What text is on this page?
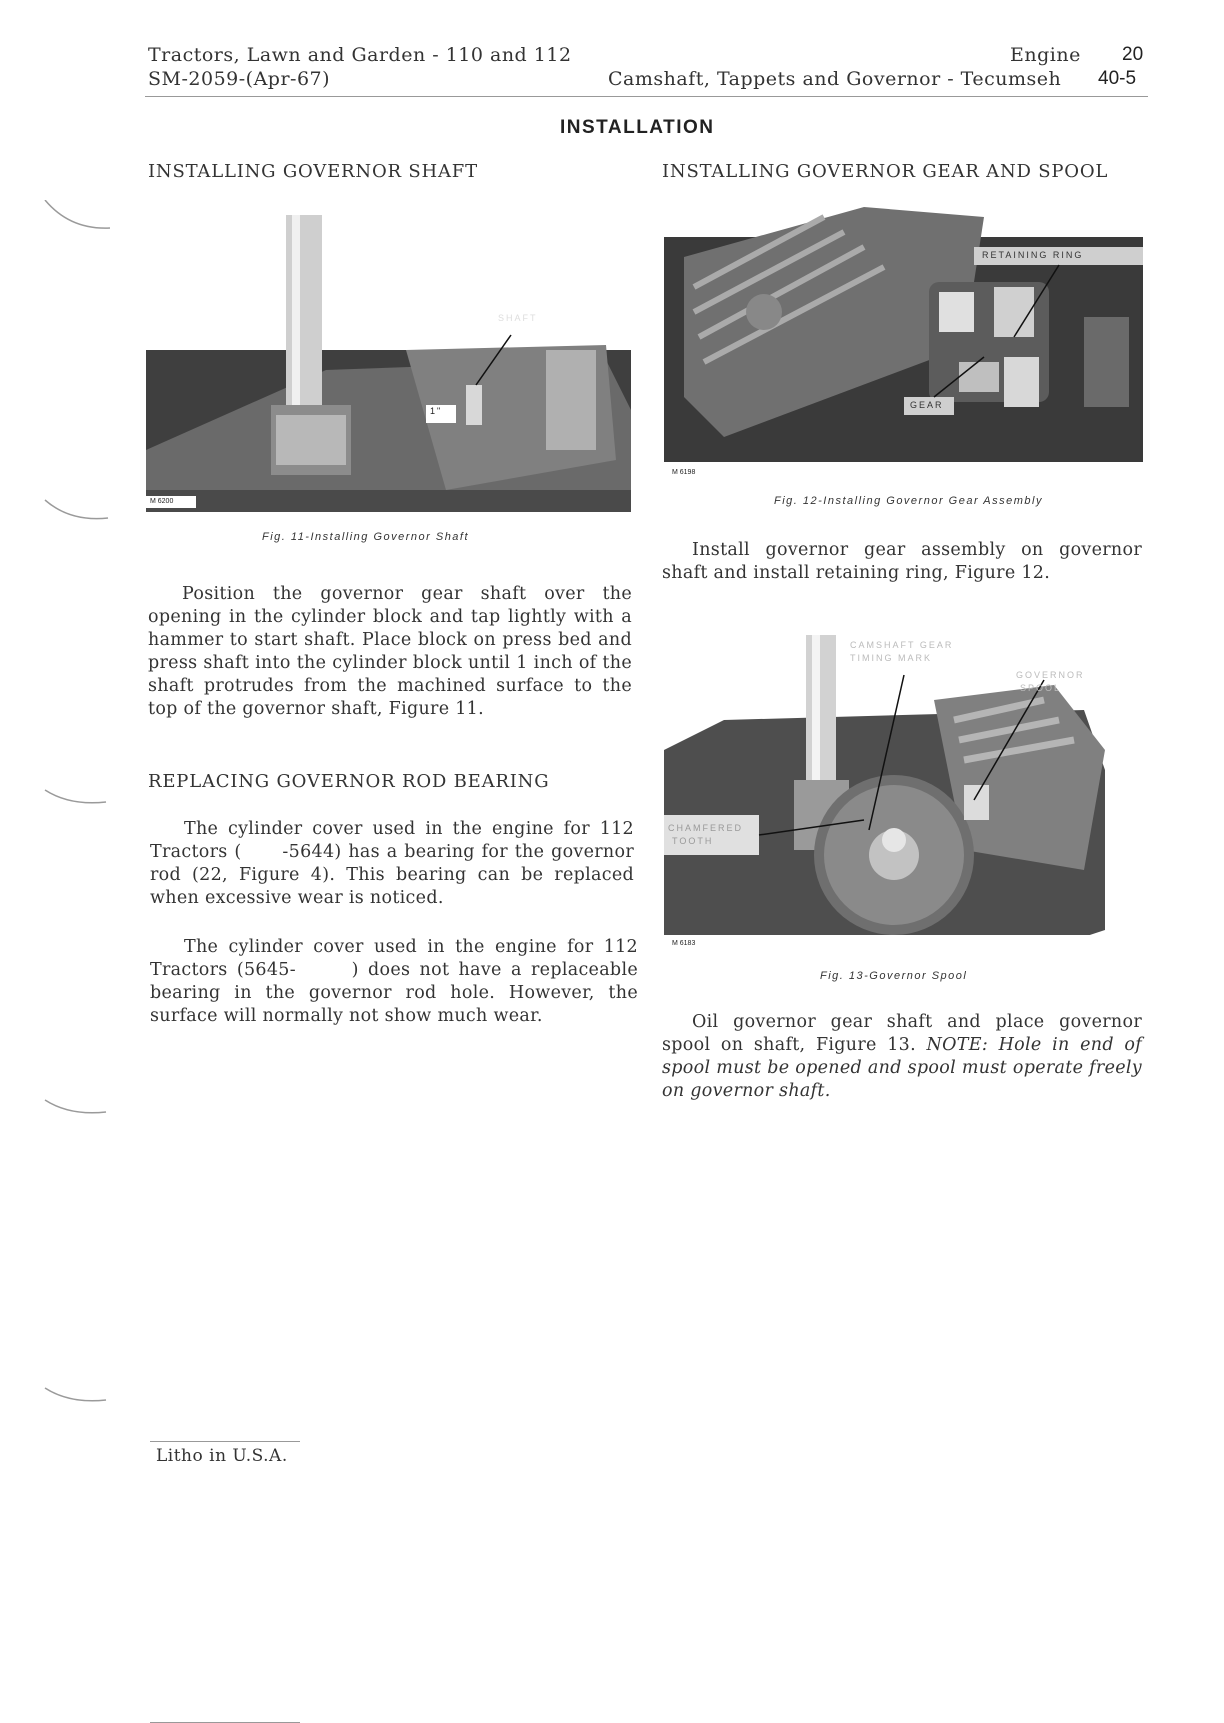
Tractors, Lawn and Garden - 110 and 112
SM-2059-(Apr-67)
Engine 20
Camshaft, Tappets and Governor - Tecumseh 40-5
INSTALLATION
INSTALLING GOVERNOR SHAFT
SHAFT
1"
M 6200
Fig. 11-Installing Governor Shaft
Position the governor gear shaft over the opening in the cylinder block and tap lightly with a hammer to start shaft. Place block on press bed and press shaft into the cylinder block until 1 inch of the shaft protrudes from the machined surface to the top of the governor shaft, Figure 11.
REPLACING GOVERNOR ROD BEARING
The cylinder cover used in the engine for 112 Tractors (      -5644) has a bearing for the governor rod (22, Figure 4). This bearing can be replaced when excessive wear is noticed.
The cylinder cover used in the engine for 112 Tractors (5645-      ) does not have a replaceable bearing in the governor rod hole. However, the surface will normally not show much wear.
INSTALLING GOVERNOR GEAR AND SPOOL
RETAINING RING
GEAR
M 6198
Fig. 12-Installing Governor Gear Assembly
Install governor gear assembly on governor shaft and install retaining ring, Figure 12.
CAMSHAFT GEAR
TIMING MARK
GOVERNOR
SPOOL
CHAMFERED
TOOTH
M 6183
Fig. 13-Governor Spool
Oil governor gear shaft and place governor spool on shaft, Figure 13. NOTE: Hole in end of spool must be opened and spool must operate freely on governor shaft.
Litho in U.S.A.
